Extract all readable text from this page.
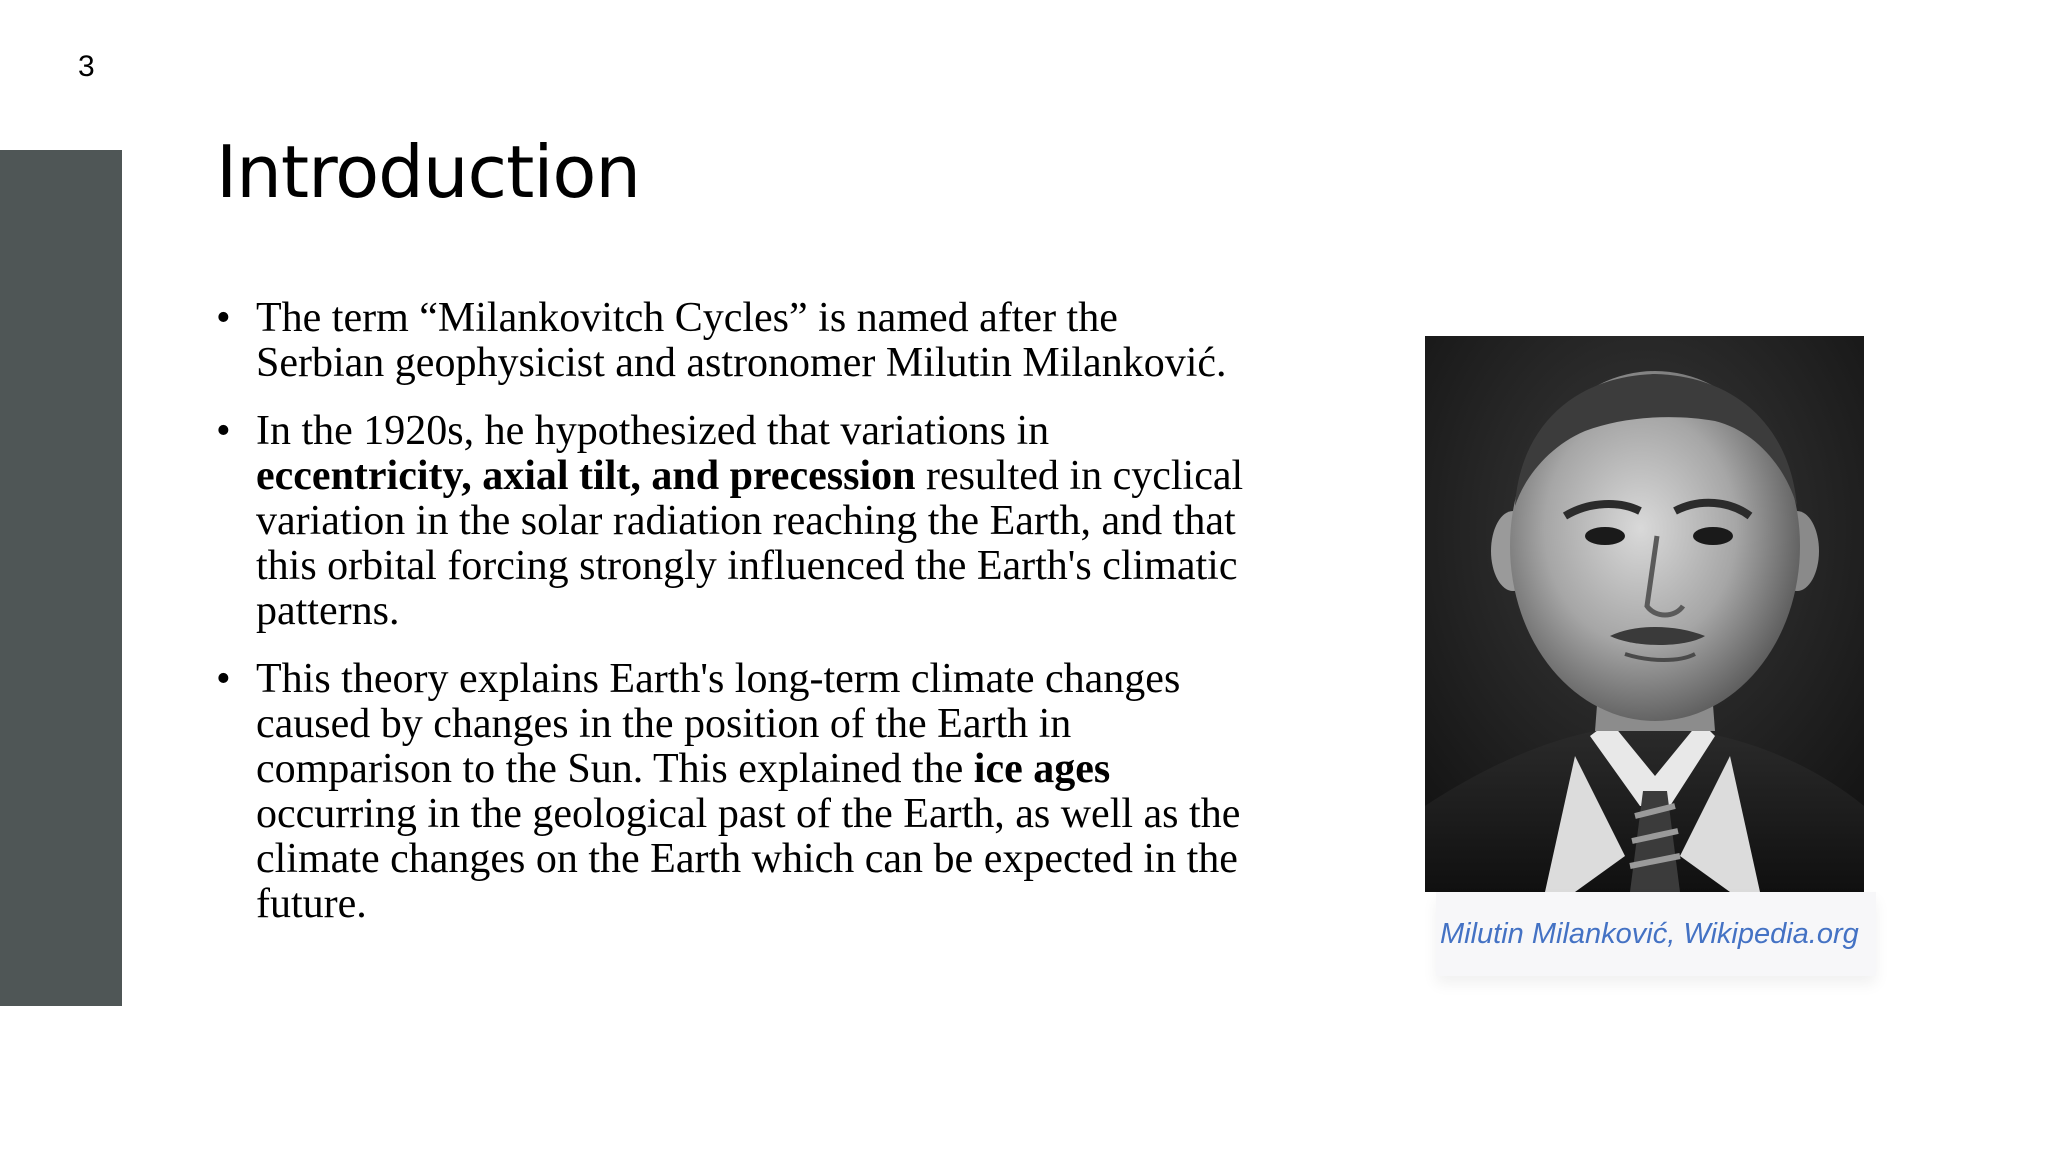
3
Introduction
• The term “Milankovitch Cycles” is named after the Serbian geophysicist and astronomer Milutin Milanković.
• In the 1920s, he hypothesized that variations in eccentricity, axial tilt, and precession resulted in cyclical variation in the solar radiation reaching the Earth, and that this orbital forcing strongly influenced the Earth's climatic patterns.
• This theory explains Earth's long-term climate changes caused by changes in the position of the Earth in comparison to the Sun. This explained the ice ages occurring in the geological past of the Earth, as well as the climate changes on the Earth which can be expected in the future.
Milutin Milanković, Wikipedia.org
